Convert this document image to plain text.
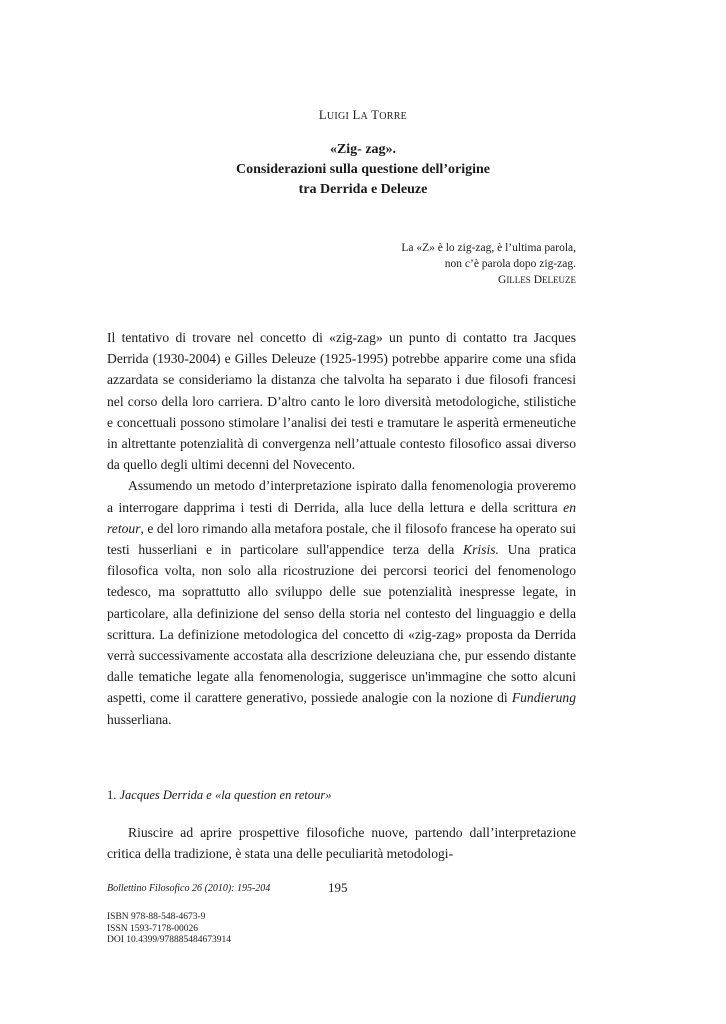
LUIGI LA TORRE
«Zig- zag».
Considerazioni sulla questione dell’origine
tra Derrida e Deleuze
La «Z» è lo zig-zag, è l’ultima parola,
non c’è parola dopo zig-zag.
GILLES DELEUZE

Il tentativo di trovare nel concetto di «zig-zag» un punto di contatto tra Jacques Derrida (1930-2004) e Gilles Deleuze (1925-1995) potrebbe apparire come una sfida azzardata se consideriamo la distanza che talvolta ha separato i due filosofi francesi nel corso della loro carriera. D’altro canto le loro diversità metodologiche, stilistiche e concettuali possono stimolare l’analisi dei testi e tramutare le asperità ermeneutiche in altrettante potenzialità di convergenza nell’attuale contesto filosofico assai diverso da quello degli ultimi decenni del Novecento.

Assumendo un metodo d’interpretazione ispirato dalla fenomenologia proveremo a interrogare dapprima i testi di Derrida, alla luce della lettura e della scrittura en retour, e del loro rimando alla metafora postale, che il filosofo francese ha operato sui testi husserliani e in particolare sull'appendice terza della Krisis. Una pratica filosofica volta, non solo alla ricostruzione dei percorsi teorici del fenomenologo tedesco, ma soprattutto allo sviluppo delle sue potenzialità inespresse legate, in particolare, alla definizione del senso della storia nel contesto del linguaggio e della scrittura. La definizione metodologica del concetto di «zig-zag» proposta da Derrida verrà successivamente accostata alla descrizione deleuziana che, pur essendo distante dalle tematiche legate alla fenomenologia, suggerisce un'immagine che sotto alcuni aspetti, come il carattere generativo, possiede analogie con la nozione di Fundierung husserliana.

1. Jacques Derrida e «la question en retour»

Riuscire ad aprire prospettive filosofiche nuove, partendo dall’interpretazione critica della tradizione, è stata una delle peculiarità metodologi-

Bollettino Filosofico 26 (2010): 195-204	195
ISBN 978-88-548-4673-9
ISSN 1593-7178-00026
DOI 10.4399/978885484673914
